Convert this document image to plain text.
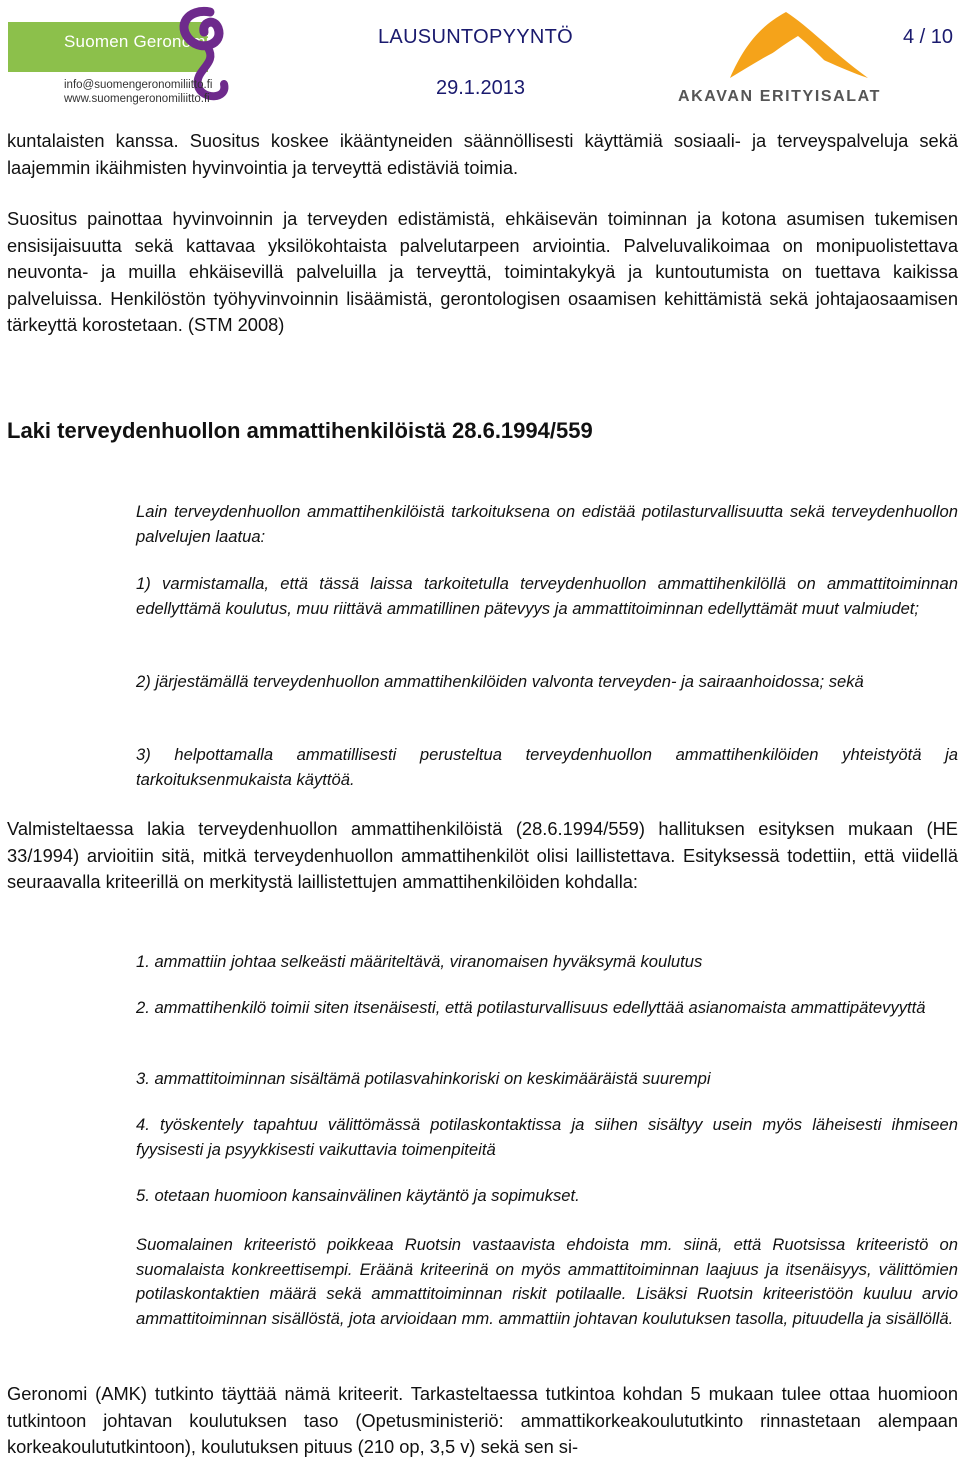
Suomen Geronomiliitto ry
info@suomengeronomiliitto.fi
www.suomengeronomiliitto.fi
LAUSUNTOPYYNTÖ	4 / 10
29.1.2013	AKAVAN ERITYISALAT

kuntalaisten kanssa. Suositus koskee ikääntyneiden säännöllisesti käyttämiä sosiaali- ja terveyspalveluja sekä laajemmin ikäihmisten hyvinvointia ja terveyttä edistäviä toimia.

Suositus painottaa hyvinvoinnin ja terveyden edistämistä, ehkäisevän toiminnan ja kotona asumisen tukemisen ensisijaisuutta sekä kattavaa yksilökohtaista palvelutarpeen arviointia. Palveluvalikoimaa on monipuolistettava neuvonta- ja muilla ehkäisevillä palveluilla ja terveyttä, toimintakykyä ja kuntoutumista on tuettava kaikissa palveluissa. Henkilöstön työhyvinvoinnin lisäämistä, gerontologisen osaamisen kehittämistä sekä johtajaosaamisen tärkeyttä korostetaan. (STM 2008)

Laki terveydenhuollon ammattihenkilöistä 28.6.1994/559

Lain terveydenhuollon ammattihenkilöistä tarkoituksena on edistää potilasturvallisuutta sekä terveydenhuollon palvelujen laatua:

1) varmistamalla, että tässä laissa tarkoitetulla terveydenhuollon ammattihenkilöllä on ammattitoiminnan edellyttämä koulutus, muu riittävä ammatillinen pätevyys ja ammattitoiminnan edellyttämät muut valmiudet;

2) järjestämällä terveydenhuollon ammattihenkilöiden valvonta terveyden- ja sairaanhoidossa; sekä

3) helpottamalla ammatillisesti perusteltua terveydenhuollon ammattihenkilöiden yhteistyötä ja tarkoituksenmukaista käyttöä.

Valmisteltaessa lakia terveydenhuollon ammattihenkilöistä (28.6.1994/559) hallituksen esityksen mukaan (HE 33/1994) arvioitiin sitä, mitkä terveydenhuollon ammattihenkilöt olisi laillistettava. Esityksessä todettiin, että viidellä seuraavalla kriteerillä on merkitystä laillistettujen ammattihenkilöiden kohdalla:

1. ammattiin johtaa selkeästi määriteltävä, viranomaisen hyväksymä koulutus

2. ammattihenkilö toimii siten itsenäisesti, että potilasturvallisuus edellyttää asianomaista ammattipätevyyttä

3. ammattitoiminnan sisältämä potilasvahinkoriski on keskimääräistä suurempi

4. työskentely tapahtuu välittömässä potilaskontaktissa ja siihen sisältyy usein myös läheisesti ihmiseen fyysisesti ja psyykkisesti vaikuttavia toimenpiteitä

5. otetaan huomioon kansainvälinen käytäntö ja sopimukset.

Suomalainen kriteeristö poikkeaa Ruotsin vastaavista ehdoista mm. siinä, että Ruotsissa kriteeristö on suomalaista konkreettisempi. Eräänä kriteerinä on myös ammattitoiminnan laajuus ja itsenäisyys, välittömien potilaskontaktien määrä sekä ammattitoiminnan riskit potilaalle. Lisäksi Ruotsin kriteeristöön kuuluu arvio ammattitoiminnan sisällöstä, jota arvioidaan mm. ammattiin johtavan koulutuksen tasolla, pituudella ja sisällöllä.

Geronomi (AMK) tutkinto täyttää nämä kriteerit. Tarkasteltaessa tutkintoa kohdan 5 mukaan tulee ottaa huomioon tutkintoon johtavan koulutuksen taso (Opetusministeriö: ammattikorkeakoulututkinto rinnastetaan alempaan korkeakoulututkintoon), koulutuksen pituus (210 op, 3,5 v) sekä sen si-
